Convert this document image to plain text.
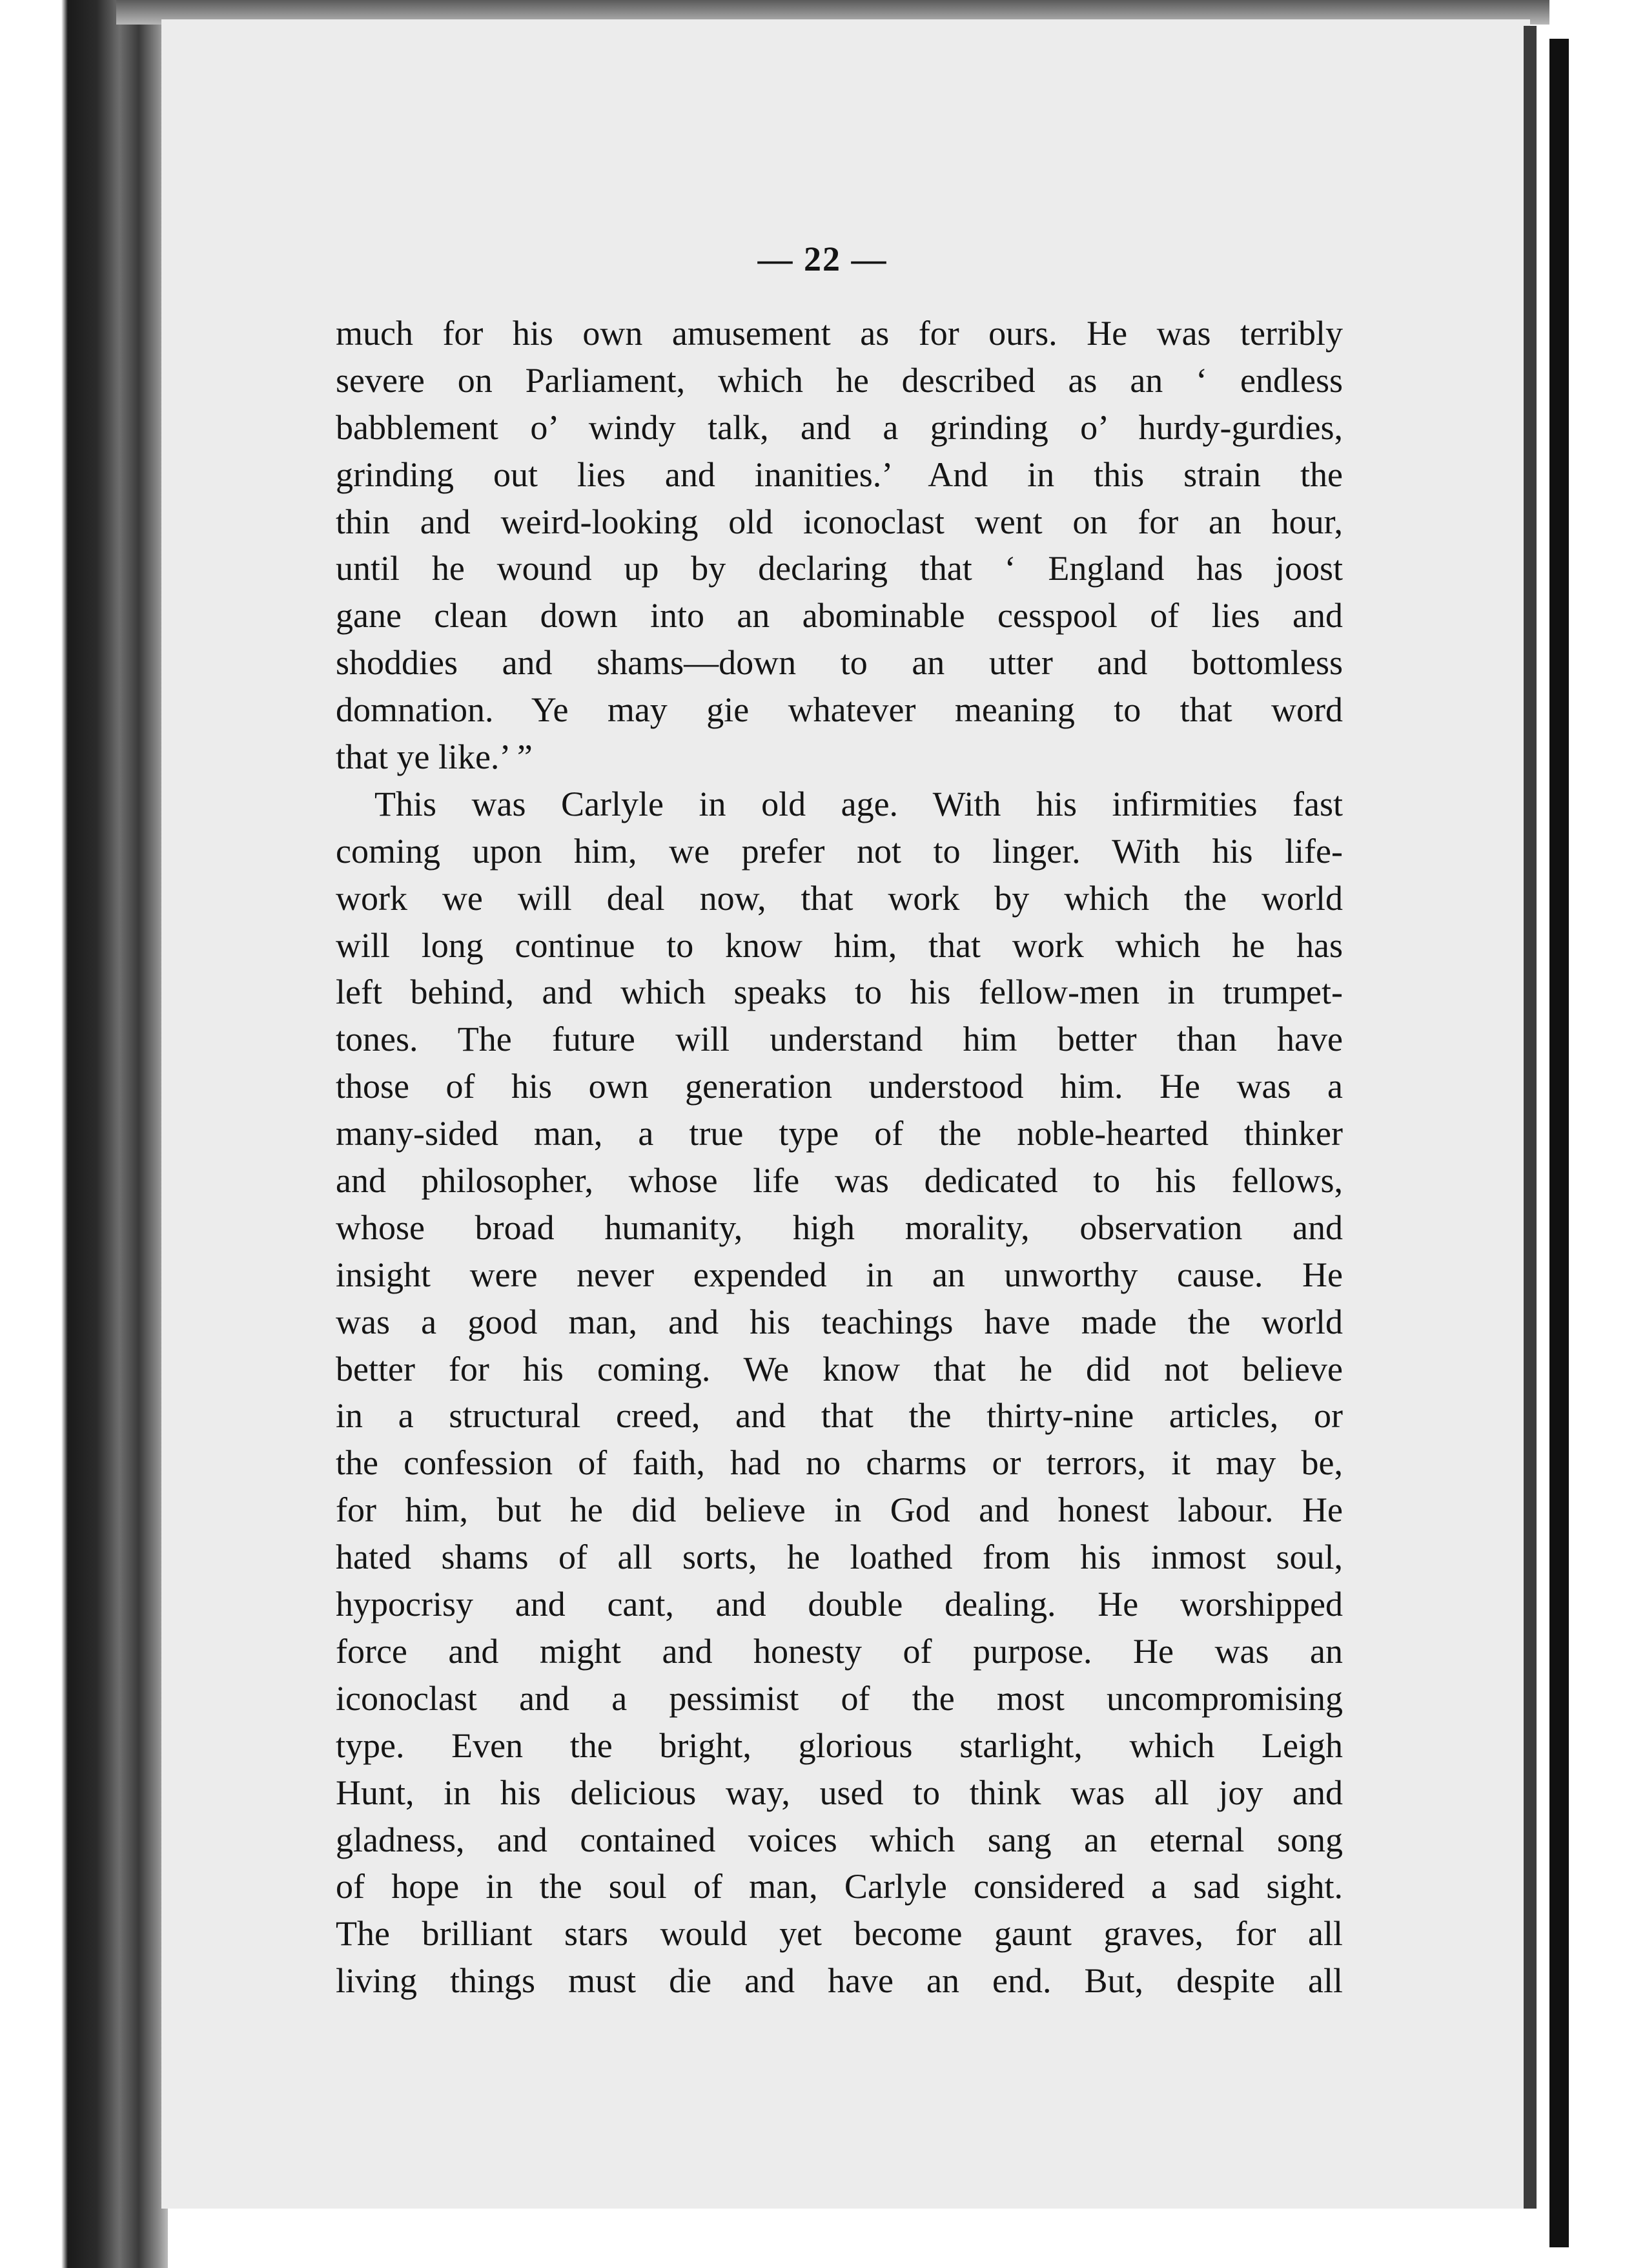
— 22 —
much for his own amusement as for ours. He was terribly
severe on Parliament, which he described as an ‘ endless
babblement o’ windy talk, and a grinding o’ hurdy-gurdies,
grinding out lies and inanities.’ And in this strain the
thin and weird-looking old iconoclast went on for an hour,
until he wound up by declaring that ‘ England has joost
gane clean down into an abominable cesspool of lies and
shoddies and shams—down to an utter and bottomless
domnation. Ye may gie whatever meaning to that word
that ye like.’ ”
This was Carlyle in old age. With his infirmities fast
coming upon him, we prefer not to linger. With his life-
work we will deal now, that work by which the world
will long continue to know him, that work which he has
left behind, and which speaks to his fellow-men in trumpet-
tones. The future will understand him better than have
those of his own generation understood him. He was a
many-sided man, a true type of the noble-hearted thinker
and philosopher, whose life was dedicated to his fellows,
whose broad humanity, high morality, observation and
insight were never expended in an unworthy cause. He
was a good man, and his teachings have made the world
better for his coming. We know that he did not believe
in a structural creed, and that the thirty-nine articles, or
the confession of faith, had no charms or terrors, it may be,
for him, but he did believe in God and honest labour. He
hated shams of all sorts, he loathed from his inmost soul,
hypocrisy and cant, and double dealing. He worshipped
force and might and honesty of purpose. He was an
iconoclast and a pessimist of the most uncompromising
type. Even the bright, glorious starlight, which Leigh
Hunt, in his delicious way, used to think was all joy and
gladness, and contained voices which sang an eternal song
of hope in the soul of man, Carlyle considered a sad sight.
The brilliant stars would yet become gaunt graves, for all
living things must die and have an end. But, despite all
